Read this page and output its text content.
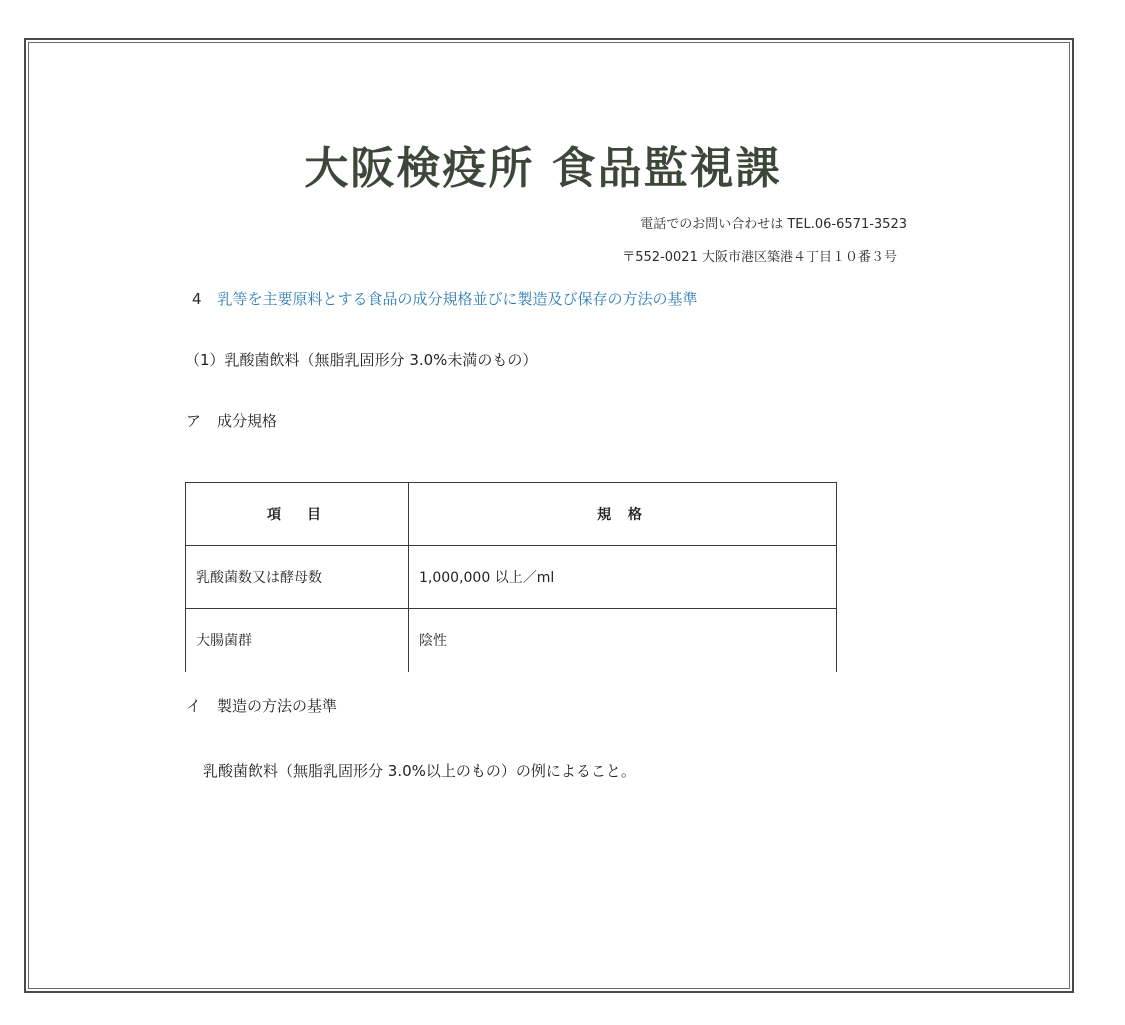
大阪検疫所 食品監視課
電話でのお問い合わせは TEL.06-6571-3523
〒552-0021 大阪市港区築港４丁目１０番３号
4 乳等を主要原料とする食品の成分規格並びに製造及び保存の方法の基準
（1）乳酸菌飲料（無脂乳固形分 3.0%未満のもの）
ア 成分規格
項　目	規 格
乳酸菌数又は酵母数	1,000,000 以上／ml
大腸菌群	陰性
イ 製造の方法の基準
乳酸菌飲料（無脂乳固形分 3.0%以上のもの）の例によること。
